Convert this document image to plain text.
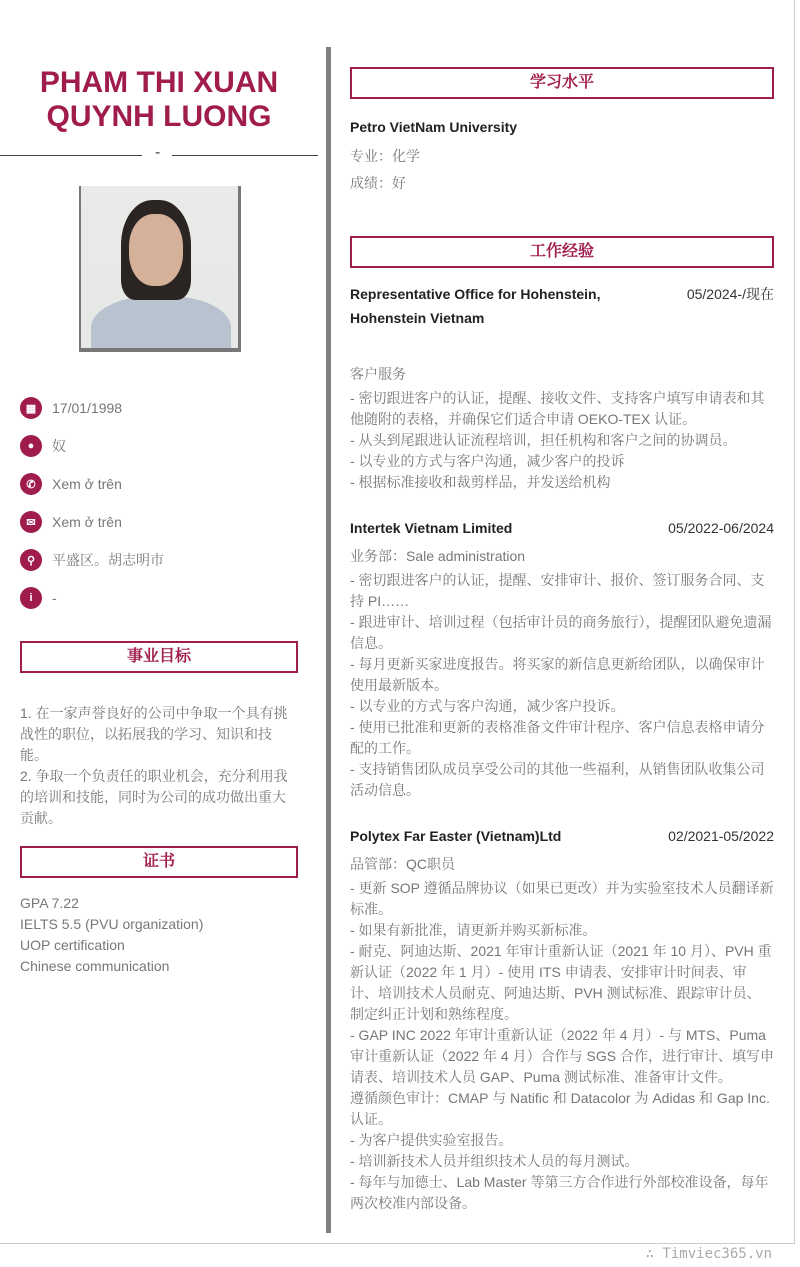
PHAM THI XUAN QUYNH LUONG
-
▦	17/01/1998
●	奴
✆	Xem ở trên
✉	Xem ở trên
⚲	平盛区。胡志明市
i	-
事业目标
1. 在一家声誉良好的公司中争取一个具有挑战性的职位，以拓展我的学习、知识和技能。
2. 争取一个负责任的职业机会，充分利用我的培训和技能，同时为公司的成功做出重大贡献。
证书
GPA 7.22
IELTS 5.5 (PVU organization)
UOP certification
Chinese communication
学习水平
Petro VietNam University
专业：化学
成绩：好
工作经验
Representative Office for Hohenstein, Hohenstein Vietnam
05/2024-/现在
客户服务
- 密切跟进客户的认证，提醒、接收文件、支持客户填写申请表和其他随附的表格，并确保它们适合申请 OEKO-TEX 认证。
- 从头到尾跟进认证流程培训，担任机构和客户之间的协调员。
- 以专业的方式与客户沟通，减少客户的投诉
- 根据标准接收和裁剪样品，并发送给机构
Intertek Vietnam Limited	05/2022-06/2024
业务部：Sale administration
- 密切跟进客户的认证，提醒、安排审计、报价、签订服务合同、支持 PI……
- 跟进审计、培训过程（包括审计员的商务旅行），提醒团队避免遗漏信息。
- 每月更新买家进度报告。将买家的新信息更新给团队，以确保审计使用最新版本。
- 以专业的方式与客户沟通，减少客户投诉。
- 使用已批准和更新的表格准备文件审计程序、客户信息表格申请分配的工作。
- 支持销售团队成员享受公司的其他一些福利，从销售团队收集公司活动信息。
Polytex Far Easter (Vietnam)Ltd	02/2021-05/2022
品管部：QC职员
- 更新 SOP 遵循品牌协议（如果已更改）并为实验室技术人员翻译新标准。
- 如果有新批准，请更新并购买新标准。
- 耐克、阿迪达斯、2021 年审计重新认证（2021 年 10 月）、PVH 重新认证（2022 年 1 月）- 使用 ITS 申请表、安排审计时间表、审计、培训技术人员耐克、阿迪达斯、PVH 测试标准、跟踪审计员、制定纠正计划和熟练程度。
- GAP INC 2022 年审计重新认证（2022 年 4 月）- 与 MTS、Puma 审计重新认证（2022 年 4 月）合作与 SGS 合作，进行审计、填写申请表、培训技术人员 GAP、Puma 测试标准、准备审计文件。
遵循颜色审计：CMAP 与 Natific 和 Datacolor 为 Adidas 和 Gap Inc. 认证。
- 为客户提供实验室报告。
- 培训新技术人员并组织技术人员的每月测试。
- 每年与加德士、Lab Master 等第三方合作进行外部校准设备，每年两次校准内部设备。
∴ Timviec365.vn
